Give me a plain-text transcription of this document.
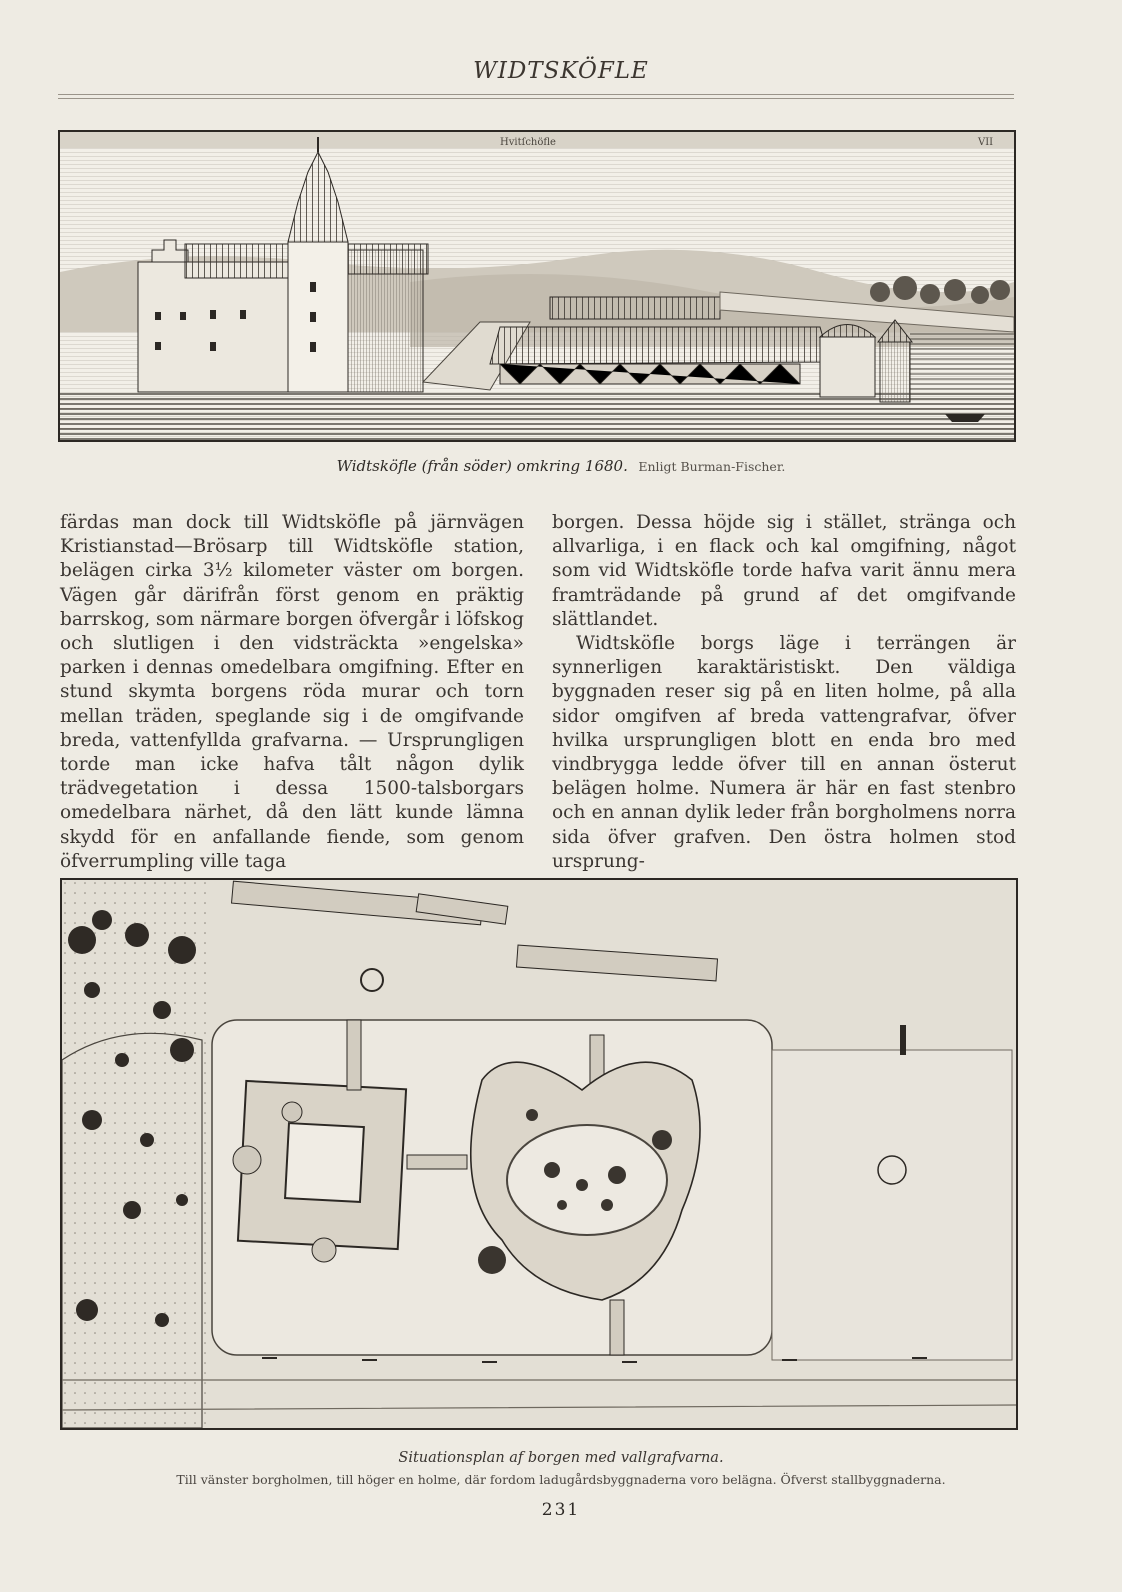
WIDTSKÖFLE
Hvitſchöfle	VII
Widtsköfle (från söder) omkring 1680. Enligt Burman-Fischer.
färdas man dock till Widtsköfle på järnvägen Kristianstad—Brösarp till Widtsköfle station, belägen cirka 3½ kilometer väster om borgen. Vägen går därifrån först genom en präktig barrskog, som närmare borgen öfvergår i löfskog och slutligen i den vidsträckta »engelska» parken i dennas omedelbara omgifning. Efter en stund skymta borgens röda murar och torn mellan träden, speglande sig i de omgifvande breda, vattenfyllda grafvarna. — Ursprungligen torde man icke hafva tålt någon dylik trädvegetation i dessa 1500-talsborgars omedelbara närhet, då den lätt kunde lämna skydd för en anfallande fiende, som genom öfverrumpling ville taga
borgen. Dessa höjde sig i stället, stränga och allvarliga, i en flack och kal omgifning, något som vid Widtsköfle torde hafva varit ännu mera framträdande på grund af det omgifvande slättlandet.
Widtsköfle borgs läge i terrängen är synnerligen karaktäristiskt. Den väldiga byggnaden reser sig på en liten holme, på alla sidor omgifven af breda vattengrafvar, öfver hvilka ursprungligen blott en enda bro med vindbrygga ledde öfver till en annan österut belägen holme. Numera är här en fast stenbro och en annan dylik leder från borgholmens norra sida öfver grafven. Den östra holmen stod ursprung-
Situationsplan af borgen med vallgrafvarna.
Till vänster borgholmen, till höger en holme, där fordom ladugårdsbyggnaderna voro belägna. Öfverst stallbyggnaderna.
231
